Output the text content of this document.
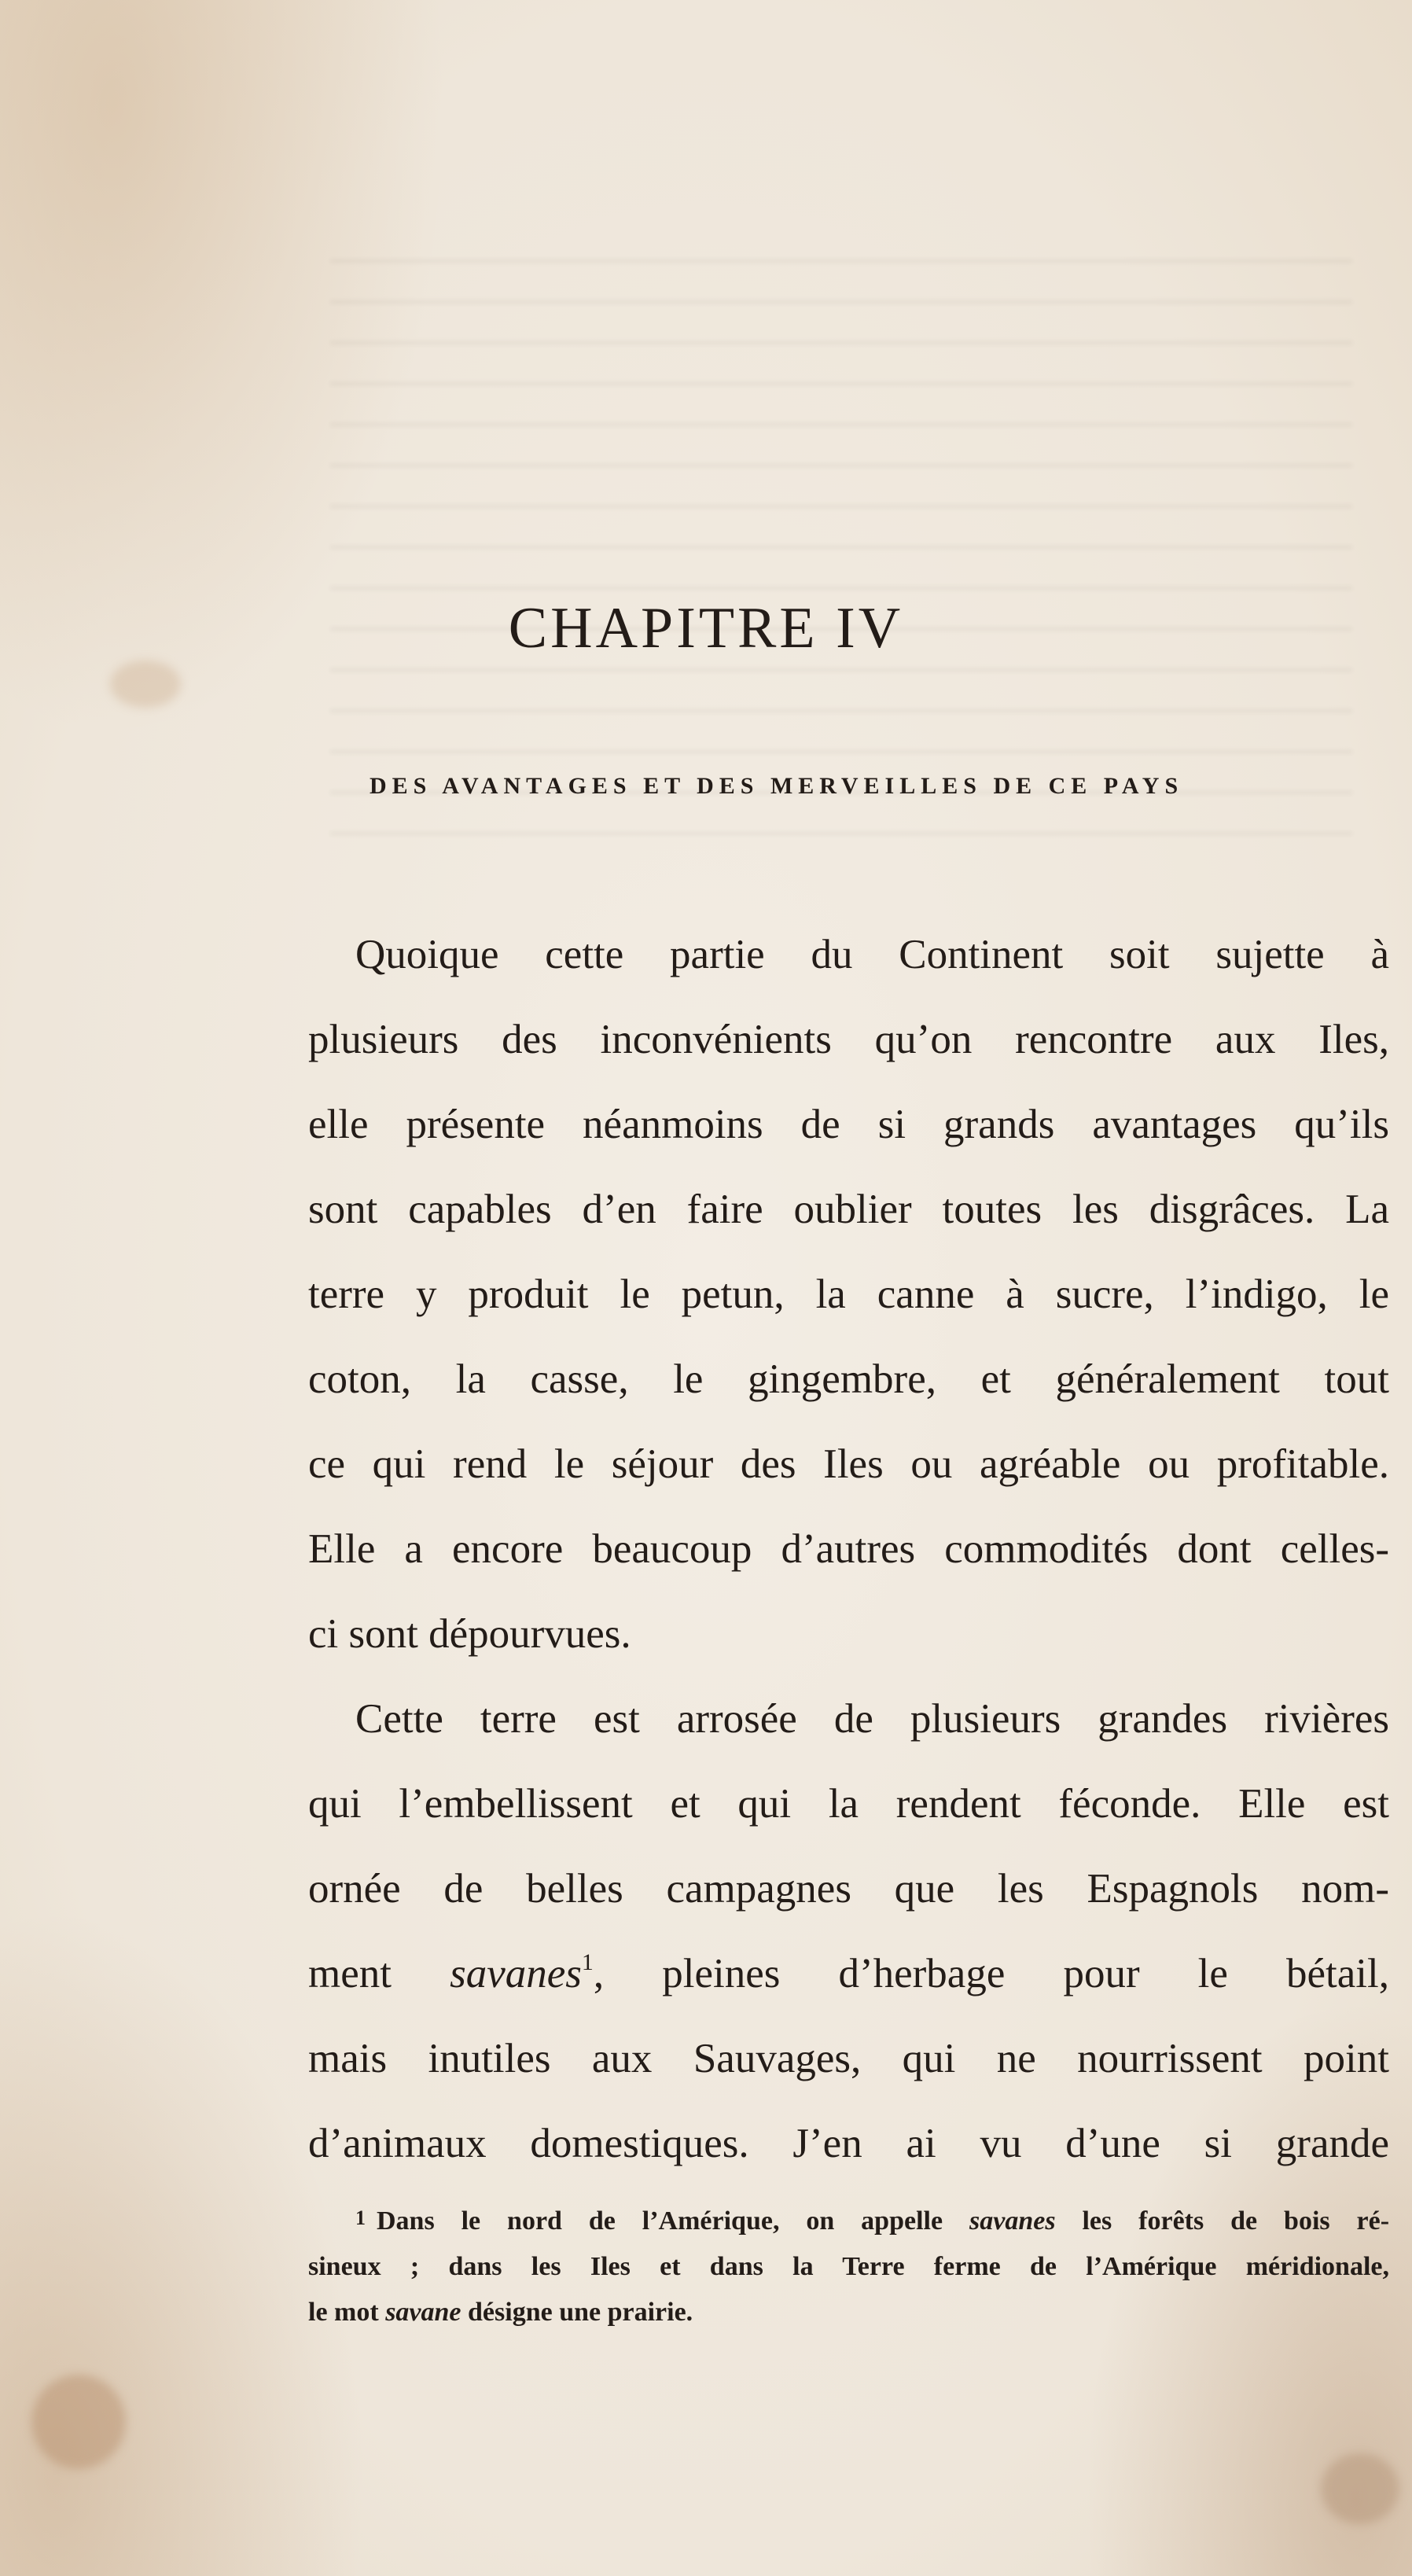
CHAPITRE IV
DES AVANTAGES ET DES MERVEILLES DE CE PAYS
Quoique cette partie du Continent soit sujette à
plusieurs des inconvénients qu’on rencontre aux Iles,
elle présente néanmoins de si grands avantages qu’ils
sont capables d’en faire oublier toutes les disgrâces. La
terre y produit le petun, la canne à sucre, l’indigo, le
coton, la casse, le gingembre, et généralement tout
ce qui rend le séjour des Iles ou agréable ou profitable.
Elle a encore beaucoup d’autres commodités dont celles-
ci sont dépourvues.
Cette terre est arrosée de plusieurs grandes rivières
qui l’embellissent et qui la rendent féconde. Elle est
ornée de belles campagnes que les Espagnols nom-
ment savanes$^1$, pleines d’herbage pour le bétail,
mais inutiles aux Sauvages, qui ne nourrissent point
d’animaux domestiques. J’en ai vu d’une si grande
1 Dans le nord de l’Amérique, on appelle savanes les forêts de bois ré-
sineux ; dans les Iles et dans la Terre ferme de l’Amérique méridionale,
le mot savane désigne une prairie.
